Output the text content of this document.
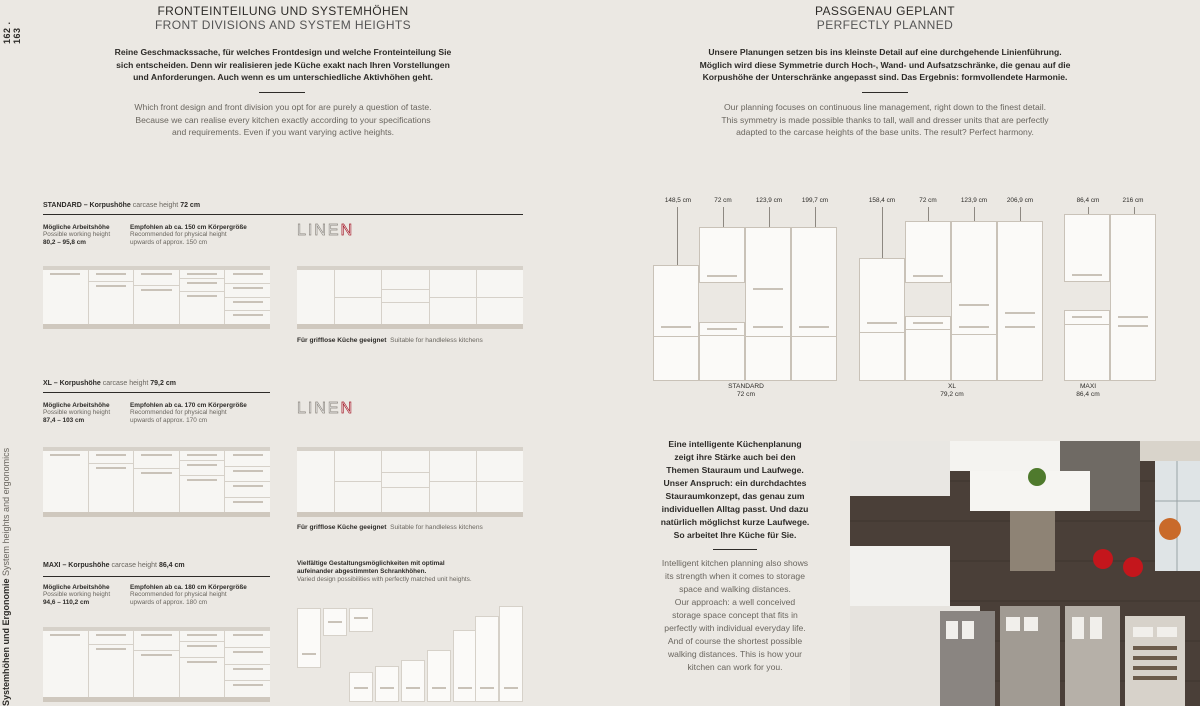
162 . 163
Systemhöhen und Ergonomie System heights and ergonomics
FRONTEINTEILUNG UND SYSTEMHÖHEN
FRONT DIVISIONS AND SYSTEM HEIGHTS
Reine Geschmackssache, für welches Frontdesign und welche Fronteinteilung Sie
sich entscheiden. Denn wir realisieren jede Küche exakt nach Ihren Vorstellungen
und Anforderungen. Auch wenn es um unterschiedliche Aktivhöhen geht.
Which front design and front division you opt for are purely a question of taste.
Because we can realise every kitchen exactly according to your specifications
and requirements. Even if you want varying active heights.
STANDARD – Korpushöhe carcase height 72 cm
Mögliche Arbeitshöhe
Possible working height
80,2 – 95,8 cm
Empfohlen ab ca. 150 cm Körpergröße
Recommended for physical height
upwards of approx. 150 cm
LINEN
Für grifflose Küche geeignet Suitable for handleless kitchens
XL – Korpushöhe carcase height 79,2 cm
Mögliche Arbeitshöhe
Possible working height
87,4 – 103 cm
Empfohlen ab ca. 170 cm Körpergröße
Recommended for physical height
upwards of approx. 170 cm
LINEN
Für grifflose Küche geeignet Suitable for handleless kitchens
MAXI – Korpushöhe carcase height 86,4 cm
Mögliche Arbeitshöhe
Possible working height
94,6 – 110,2 cm
Empfohlen ab ca. 180 cm Körpergröße
Recommended for physical height
upwards of approx. 180 cm
Vielfältige Gestaltungsmöglichkeiten mit optimal aufeinander abgestimmten Schrankhöhen.
Varied design possibilities with perfectly matched unit heights.
PASSGENAU GEPLANT
PERFECTLY PLANNED
Unsere Planungen setzen bis ins kleinste Detail auf eine durchgehende Linienführung.
Möglich wird diese Symmetrie durch Hoch-, Wand- und Aufsatzschränke, die genau auf die
Korpushöhe der Unterschränke angepasst sind. Das Ergebnis: formvollendete Harmonie.
Our planning focuses on continuous line management, right down to the finest detail.
This symmetry is made possible thanks to tall, wall and dresser units that are perfectly
adapted to the carcase heights of the base units. The result? Perfect harmony.
148,5 cm	72 cm	123,9 cm	199,7 cm
STANDARD
72 cm
158,4 cm	72 cm	123,9 cm	206,9 cm
XL
79,2 cm
86,4 cm	216 cm
MAXI
86,4 cm
Eine intelligente Küchenplanung
zeigt ihre Stärke auch bei den
Themen Stauraum und Laufwege.
Unser Anspruch: ein durchdachtes
Stauraumkonzept, das genau zum
individuellen Alltag passt. Und dazu
natürlich möglichst kurze Laufwege.
So arbeitet Ihre Küche für Sie.
Intelligent kitchen planning also shows
its strength when it comes to storage
space and walking distances.
Our approach: a well conceived
storage space concept that fits in
perfectly with individual everyday life.
And of course the shortest possible
walking distances. This is how your
kitchen can work for you.
